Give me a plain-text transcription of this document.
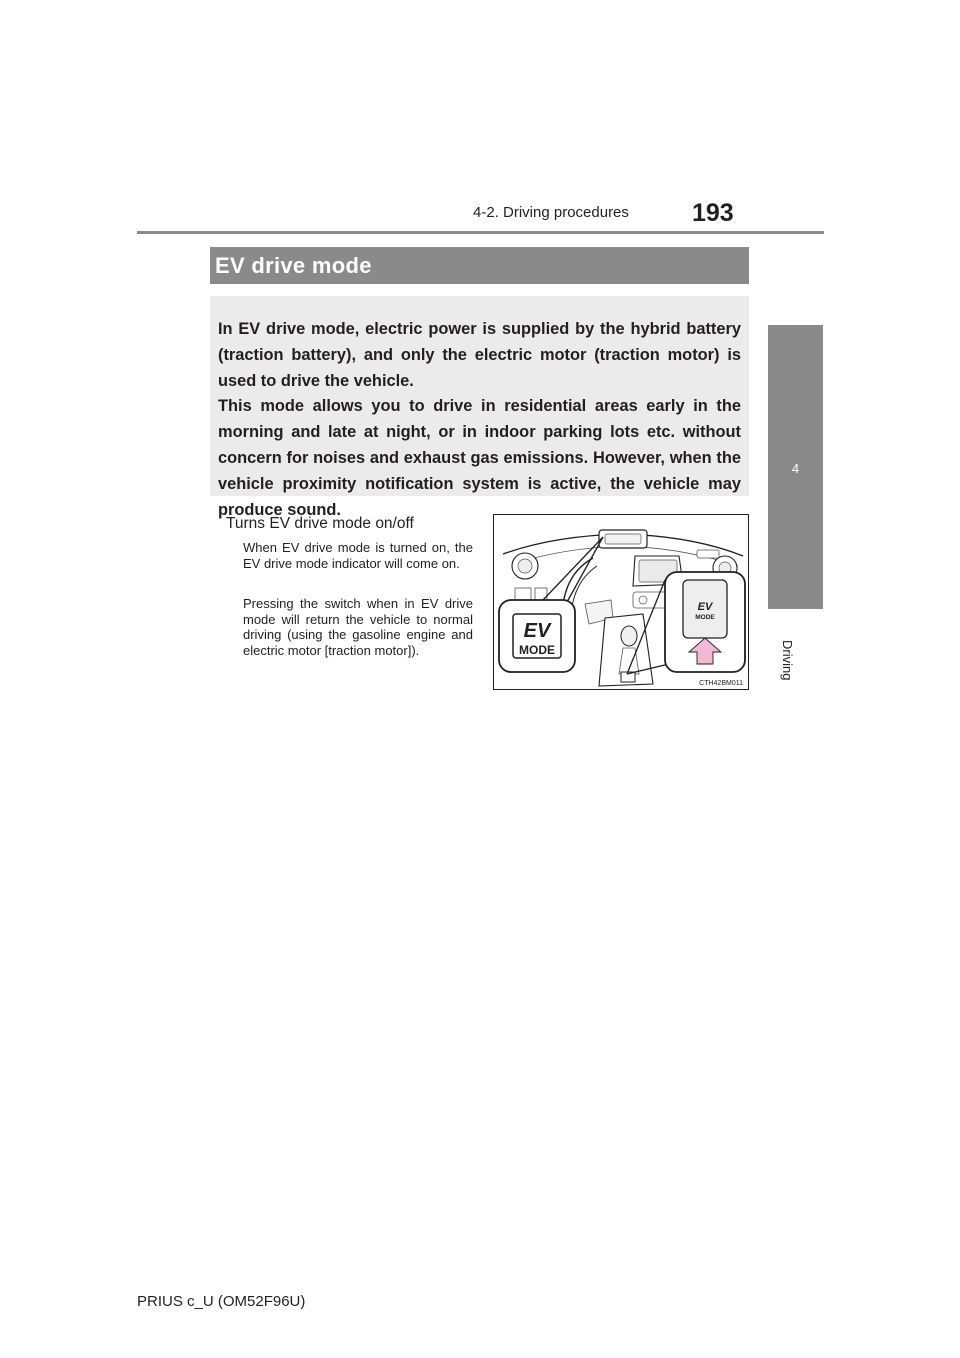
4-2. Driving procedures	193
4
Driving
EV drive mode

In EV drive mode, electric power is supplied by the hybrid battery (traction battery), and only the electric motor (traction motor) is used to drive the vehicle.

This mode allows you to drive in residential areas early in the morning and late at night, or in indoor parking lots etc. without concern for noises and exhaust gas emissions. However, when the vehicle proximity notification system is active, the vehicle may produce sound.

Turns EV drive mode on/off

When EV drive mode is turned on, the EV drive mode indicator will come on.

Pressing the switch when in EV drive mode will return the vehicle to normal driving (using the gasoline engine and electric motor [traction motor]).

EV
MODE
EV
MODE
CTH42BM011
PRIUS c_U (OM52F96U)
